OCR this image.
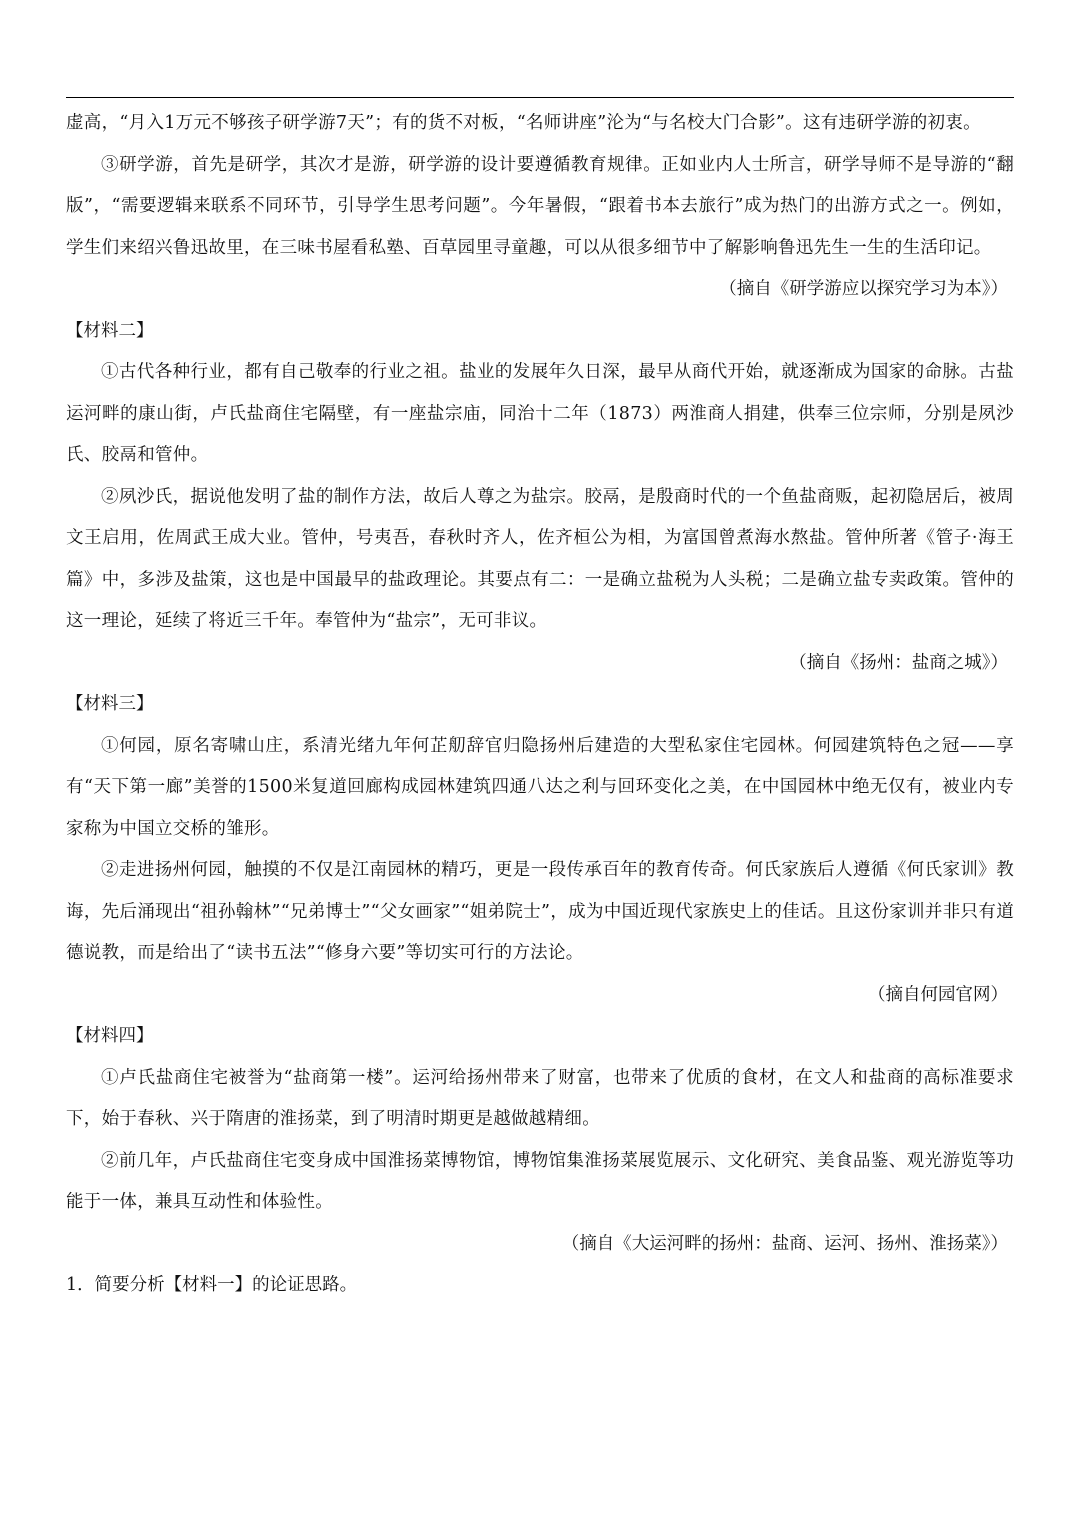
虚高，“月入1万元不够孩子研学游7天”；有的货不对板，“名师讲座”沦为“与名校大门合影”。这有违研学游的初衷。

③研学游，首先是研学，其次才是游，研学游的设计要遵循教育规律。正如业内人士所言，研学导师不是导游的“翻版”，“需要逻辑来联系不同环节，引导学生思考问题”。今年暑假，“跟着书本去旅行”成为热门的出游方式之一。例如，学生们来绍兴鲁迅故里，在三味书屋看私塾、百草园里寻童趣，可以从很多细节中了解影响鲁迅先生一生的生活印记。

（摘自《研学游应以探究学习为本》）

【材料二】

①古代各种行业，都有自己敬奉的行业之祖。盐业的发展年久日深，最早从商代开始，就逐渐成为国家的命脉。古盐运河畔的康山街，卢氏盐商住宅隔壁，有一座盐宗庙，同治十二年（1873）两淮商人捐建，供奉三位宗师，分别是夙沙氏、胶鬲和管仲。

②夙沙氏，据说他发明了盐的制作方法，故后人尊之为盐宗。胶鬲，是殷商时代的一个鱼盐商贩，起初隐居后，被周文王启用，佐周武王成大业。管仲，号夷吾，春秋时齐人，佐齐桓公为相，为富国曾煮海水熬盐。管仲所著《管子·海王篇》中，多涉及盐策，这也是中国最早的盐政理论。其要点有二：一是确立盐税为人头税；二是确立盐专卖政策。管仲的这一理论，延续了将近三千年。奉管仲为“盐宗”，无可非议。

（摘自《扬州：盐商之城》）

【材料三】

①何园，原名寄啸山庄，系清光绪九年何芷舠辞官归隐扬州后建造的大型私家住宅园林。何园建筑特色之冠——享有“天下第一廊”美誉的1500米复道回廊构成园林建筑四通八达之利与回环变化之美，在中国园林中绝无仅有，被业内专家称为中国立交桥的雏形。

②走进扬州何园，触摸的不仅是江南园林的精巧，更是一段传承百年的教育传奇。何氏家族后人遵循《何氏家训》教诲，先后涌现出“祖孙翰林”“兄弟博士”“父女画家”“姐弟院士”，成为中国近现代家族史上的佳话。且这份家训并非只有道德说教，而是给出了“读书五法”“修身六要”等切实可行的方法论。

（摘自何园官网）

【材料四】

①卢氏盐商住宅被誉为“盐商第一楼”。运河给扬州带来了财富，也带来了优质的食材，在文人和盐商的高标准要求下，始于春秋、兴于隋唐的淮扬菜，到了明清时期更是越做越精细。

②前几年，卢氏盐商住宅变身成中国淮扬菜博物馆，博物馆集淮扬菜展览展示、文化研究、美食品鉴、观光游览等功能于一体，兼具互动性和体验性。

（摘自《大运河畔的扬州：盐商、运河、扬州、淮扬菜》）

1．简要分析【材料一】的论证思路。
